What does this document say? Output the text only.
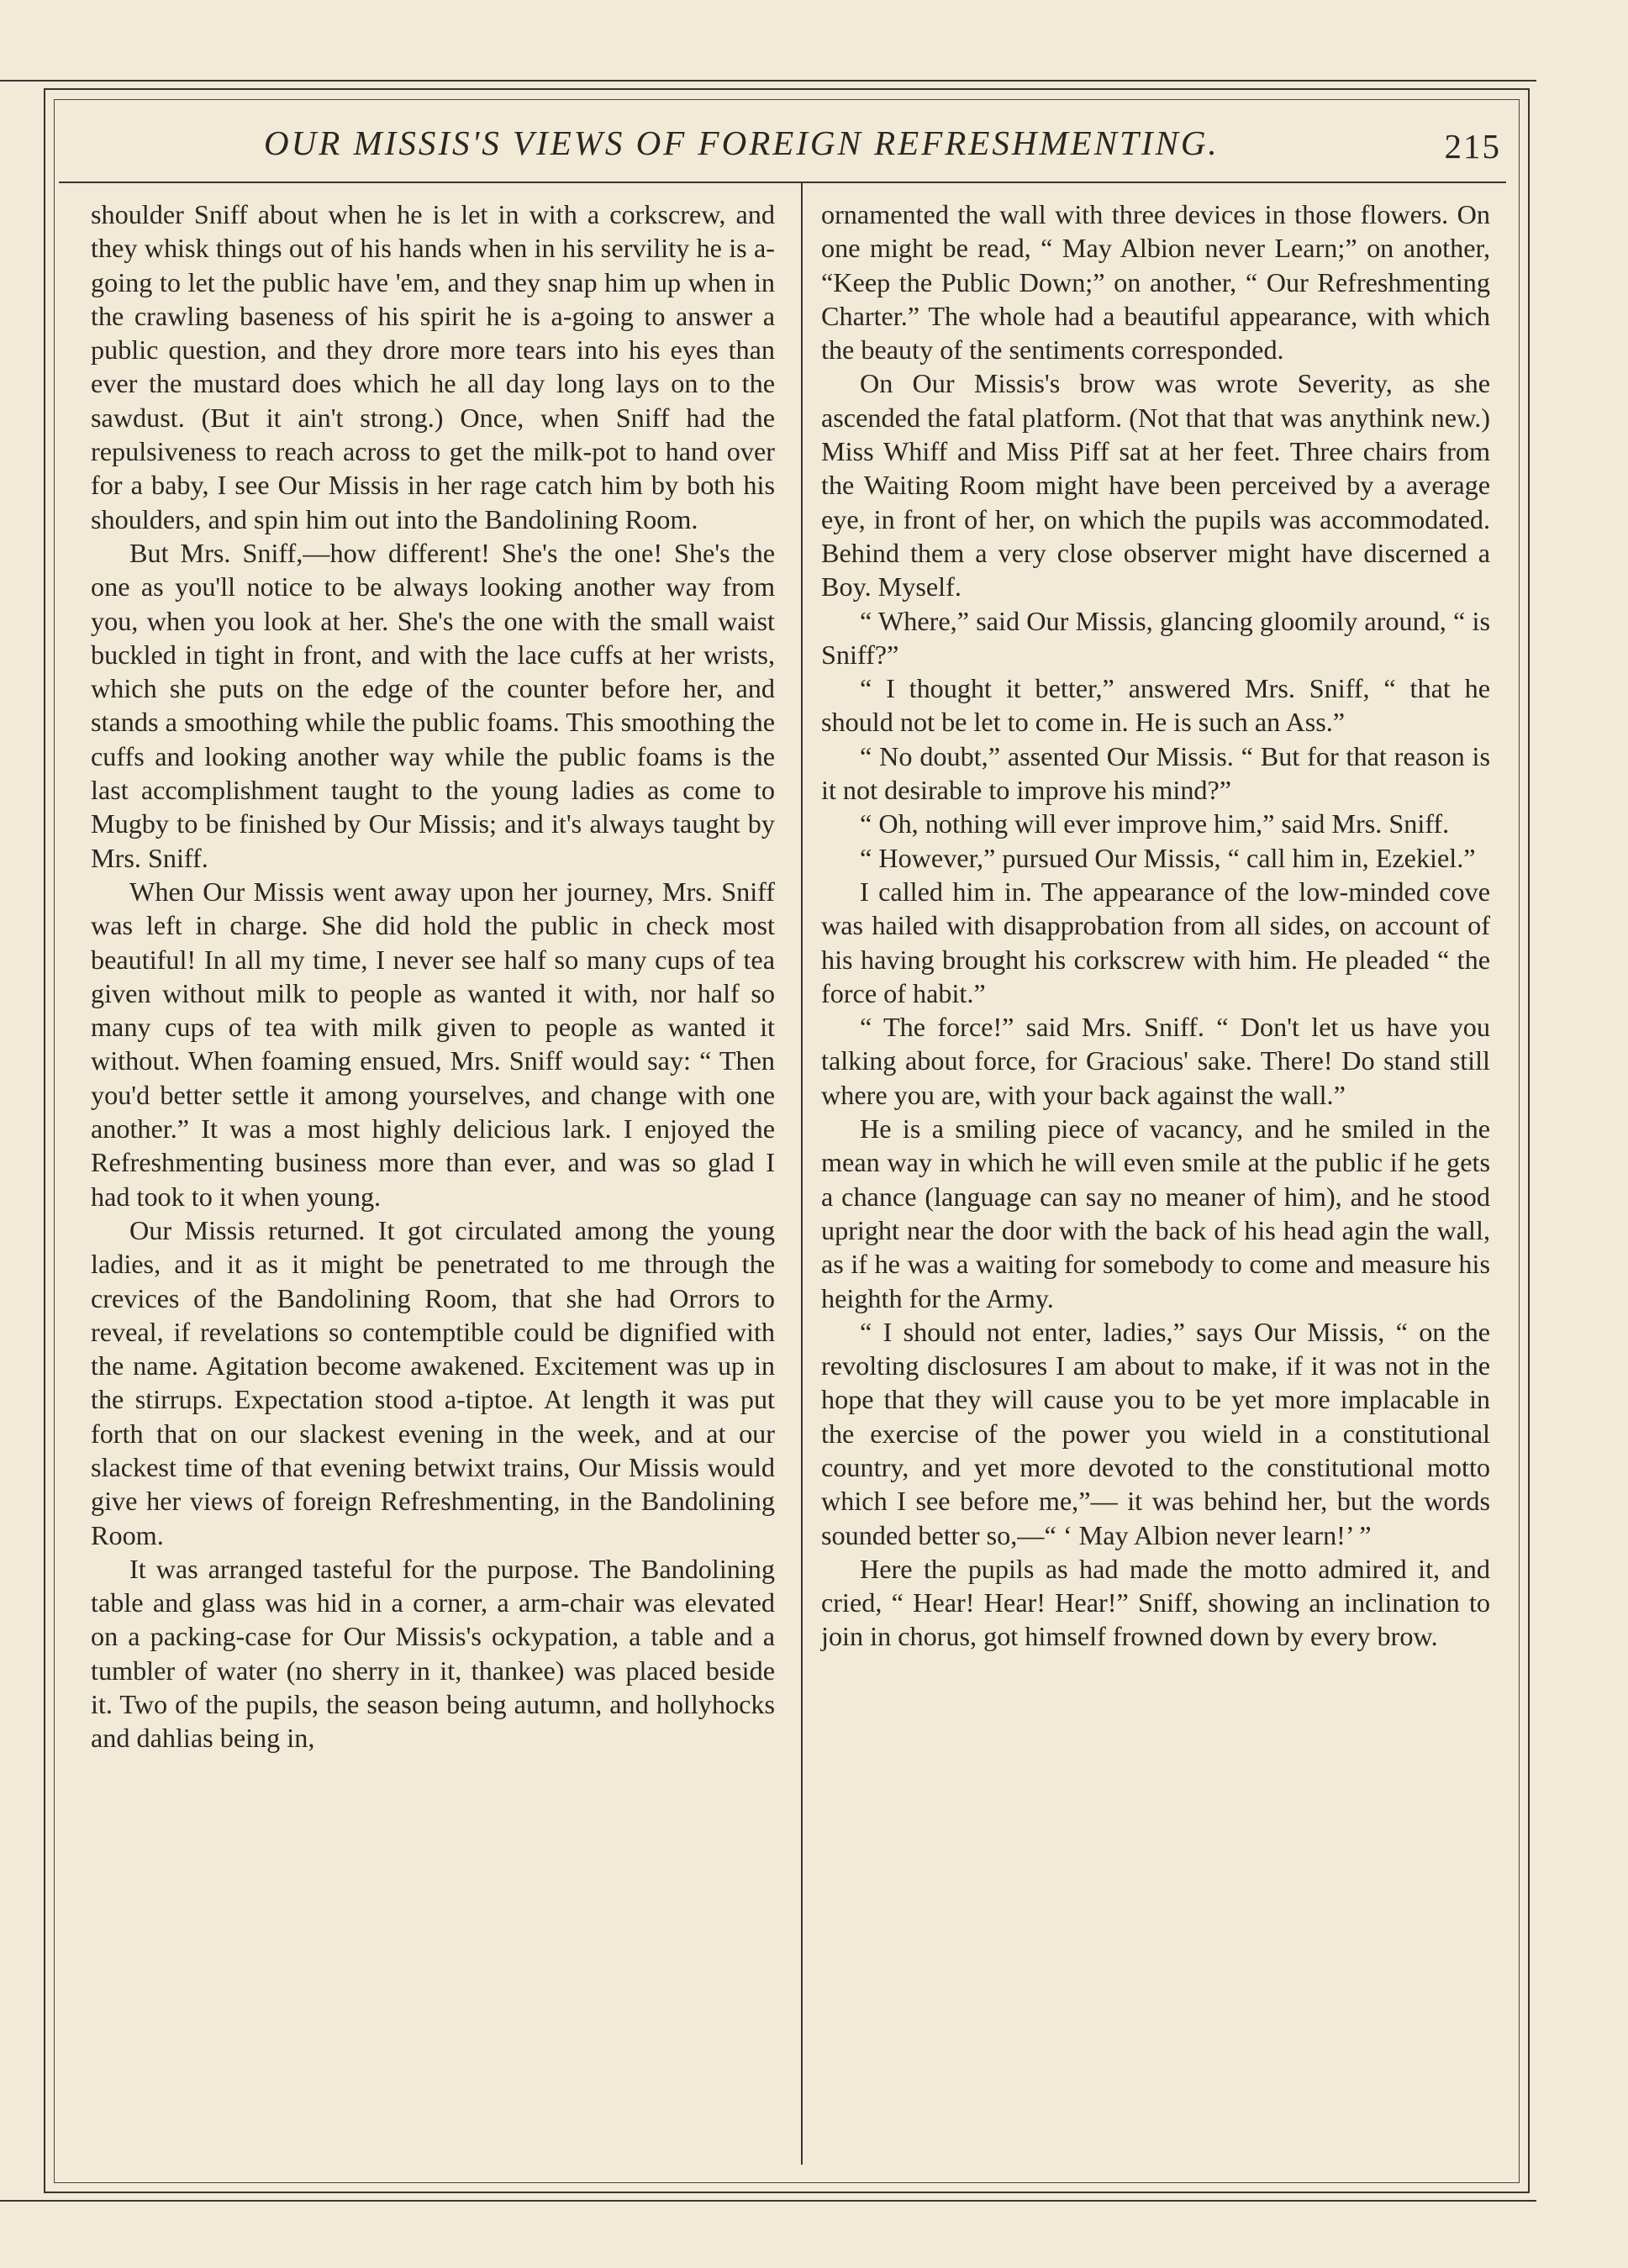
OUR MISSIS'S VIEWS OF FOREIGN REFRESHMENTING.	215

shoulder Sniff about when he is let in with a corkscrew, and they whisk things out of his hands when in his servility he is a-going to let the public have 'em, and they snap him up when in the crawling baseness of his spirit he is a-going to answer a public question, and they drore more tears into his eyes than ever the mustard does which he all day long lays on to the sawdust. (But it ain't strong.) Once, when Sniff had the repulsiveness to reach across to get the milk-pot to hand over for a baby, I see Our Missis in her rage catch him by both his shoulders, and spin him out into the Bandolining Room.

But Mrs. Sniff,—how different! She's the one! She's the one as you'll notice to be always looking another way from you, when you look at her. She's the one with the small waist buckled in tight in front, and with the lace cuffs at her wrists, which she puts on the edge of the counter before her, and stands a smoothing while the public foams. This smoothing the cuffs and looking another way while the public foams is the last accomplishment taught to the young ladies as come to Mugby to be finished by Our Missis; and it's always taught by Mrs. Sniff.

When Our Missis went away upon her journey, Mrs. Sniff was left in charge. She did hold the public in check most beautiful! In all my time, I never see half so many cups of tea given without milk to people as wanted it with, nor half so many cups of tea with milk given to people as wanted it without. When foaming ensued, Mrs. Sniff would say: “ Then you'd better settle it among yourselves, and change with one another.” It was a most highly delicious lark. I enjoyed the Refreshmenting business more than ever, and was so glad I had took to it when young.

Our Missis returned. It got circulated among the young ladies, and it as it might be penetrated to me through the crevices of the Bandolining Room, that she had Orrors to reveal, if revelations so contemptible could be dignified with the name. Agitation become awakened. Excitement was up in the stirrups. Expectation stood a-tiptoe. At length it was put forth that on our slackest evening in the week, and at our slackest time of that evening betwixt trains, Our Missis would give her views of foreign Refreshmenting, in the Bandolining Room.

It was arranged tasteful for the purpose. The Bandolining table and glass was hid in a corner, a arm-chair was elevated on a packing-case for Our Missis's ockypation, a table and a tumbler of water (no sherry in it, thankee) was placed beside it. Two of the pupils, the season being autumn, and hollyhocks and dahlias being in,

ornamented the wall with three devices in those flowers. On one might be read, “ May Albion never Learn;” on another, “Keep the Public Down;” on another, “ Our Refreshmenting Charter.” The whole had a beautiful appearance, with which the beauty of the sentiments corresponded.

On Our Missis's brow was wrote Severity, as she ascended the fatal platform. (Not that that was anythink new.) Miss Whiff and Miss Piff sat at her feet. Three chairs from the Waiting Room might have been perceived by a average eye, in front of her, on which the pupils was accommodated. Behind them a very close observer might have discerned a Boy. Myself.

“ Where,” said Our Missis, glancing gloomily around, “ is Sniff?”

“ I thought it better,” answered Mrs. Sniff, “ that he should not be let to come in. He is such an Ass.”

“ No doubt,” assented Our Missis. “ But for that reason is it not desirable to improve his mind?”

“ Oh, nothing will ever improve him,” said Mrs. Sniff.

“ However,” pursued Our Missis, “ call him in, Ezekiel.”

I called him in. The appearance of the low-minded cove was hailed with disapprobation from all sides, on account of his having brought his corkscrew with him. He pleaded “ the force of habit.”

“ The force!” said Mrs. Sniff. “ Don't let us have you talking about force, for Gracious' sake. There! Do stand still where you are, with your back against the wall.”

He is a smiling piece of vacancy, and he smiled in the mean way in which he will even smile at the public if he gets a chance (language can say no meaner of him), and he stood upright near the door with the back of his head agin the wall, as if he was a waiting for somebody to come and measure his heighth for the Army.

“ I should not enter, ladies,” says Our Missis, “ on the revolting disclosures I am about to make, if it was not in the hope that they will cause you to be yet more implacable in the exercise of the power you wield in a constitutional country, and yet more devoted to the constitutional motto which I see before me,”— it was behind her, but the words sounded better so,—“ ‘ May Albion never learn!’ ”

Here the pupils as had made the motto admired it, and cried, “ Hear! Hear! Hear!” Sniff, showing an inclination to join in chorus, got himself frowned down by every brow.
